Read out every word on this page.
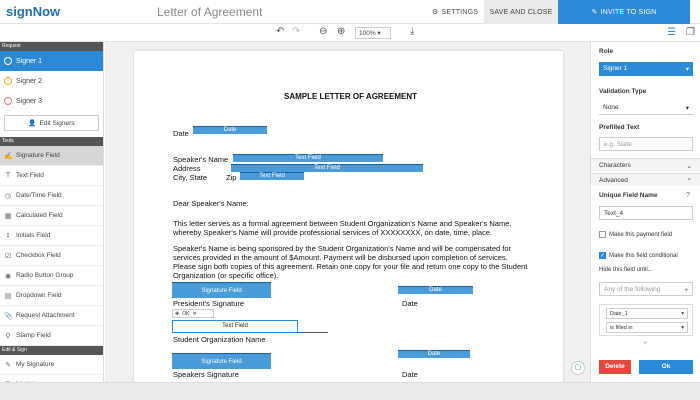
signNow	Letter of Agreement	⚙ SETTINGS SAVE AND CLOSE	✎ INVITE TO SIGN
↶ ↷ ⊖ ⊕	100% ▾	⤓	☰ ❐
Request
Signer 1
Signer 2
Signer 3
👤 Edit Signers
Tools
✍ Signature Field
T Text Field
◷ Date/Time Field
▦ Calculated Field
ɪ	Initials Field
☑ Checkbox Field
◉ Radio Button Group
▤ Dropdown Field
📎 Request Attachment
⚲ Stamp Field
Edit & Sign
✎ My Signature
SAMPLE LETTER OF AGREEMENT
Date	Date
Speaker's Name	Text Field
Address	Text Field
City, State	Zip	Text Field
Dear Speaker's Name:
This letter serves as a formal agreement between Student Organization's Name and Speaker's Name, whereby Speaker's Name will provide professional services of XXXXXXXX, on date, time, place.
Speaker's Name is being sponsored by the Student Organization's Name and will be compensated for services provided in the amount of $Amount. Payment will be disbursed upon completion of services. Please sign both copies of this agreement. Retain one copy for your file and return one copy to the Student Organization (or specific office).
Signature Field
President's Signature
Date
Date
✥ OK ✕
Text Field
Student Organization Name
Signature Field
Speakers Signature
Date
Date
▢
Role
Signer 1	▾
Validation Type
None	▾
Prefilled Text
e.g. State
Characters	⌄
Advanced	⌃
Unique Field Name	?
Text_4
Make this payment field
✓ Make this field conditional
Hide this field until...
Any of the following	▾
Date_1	▾
is filled in	▾
+
Delete	Ok
